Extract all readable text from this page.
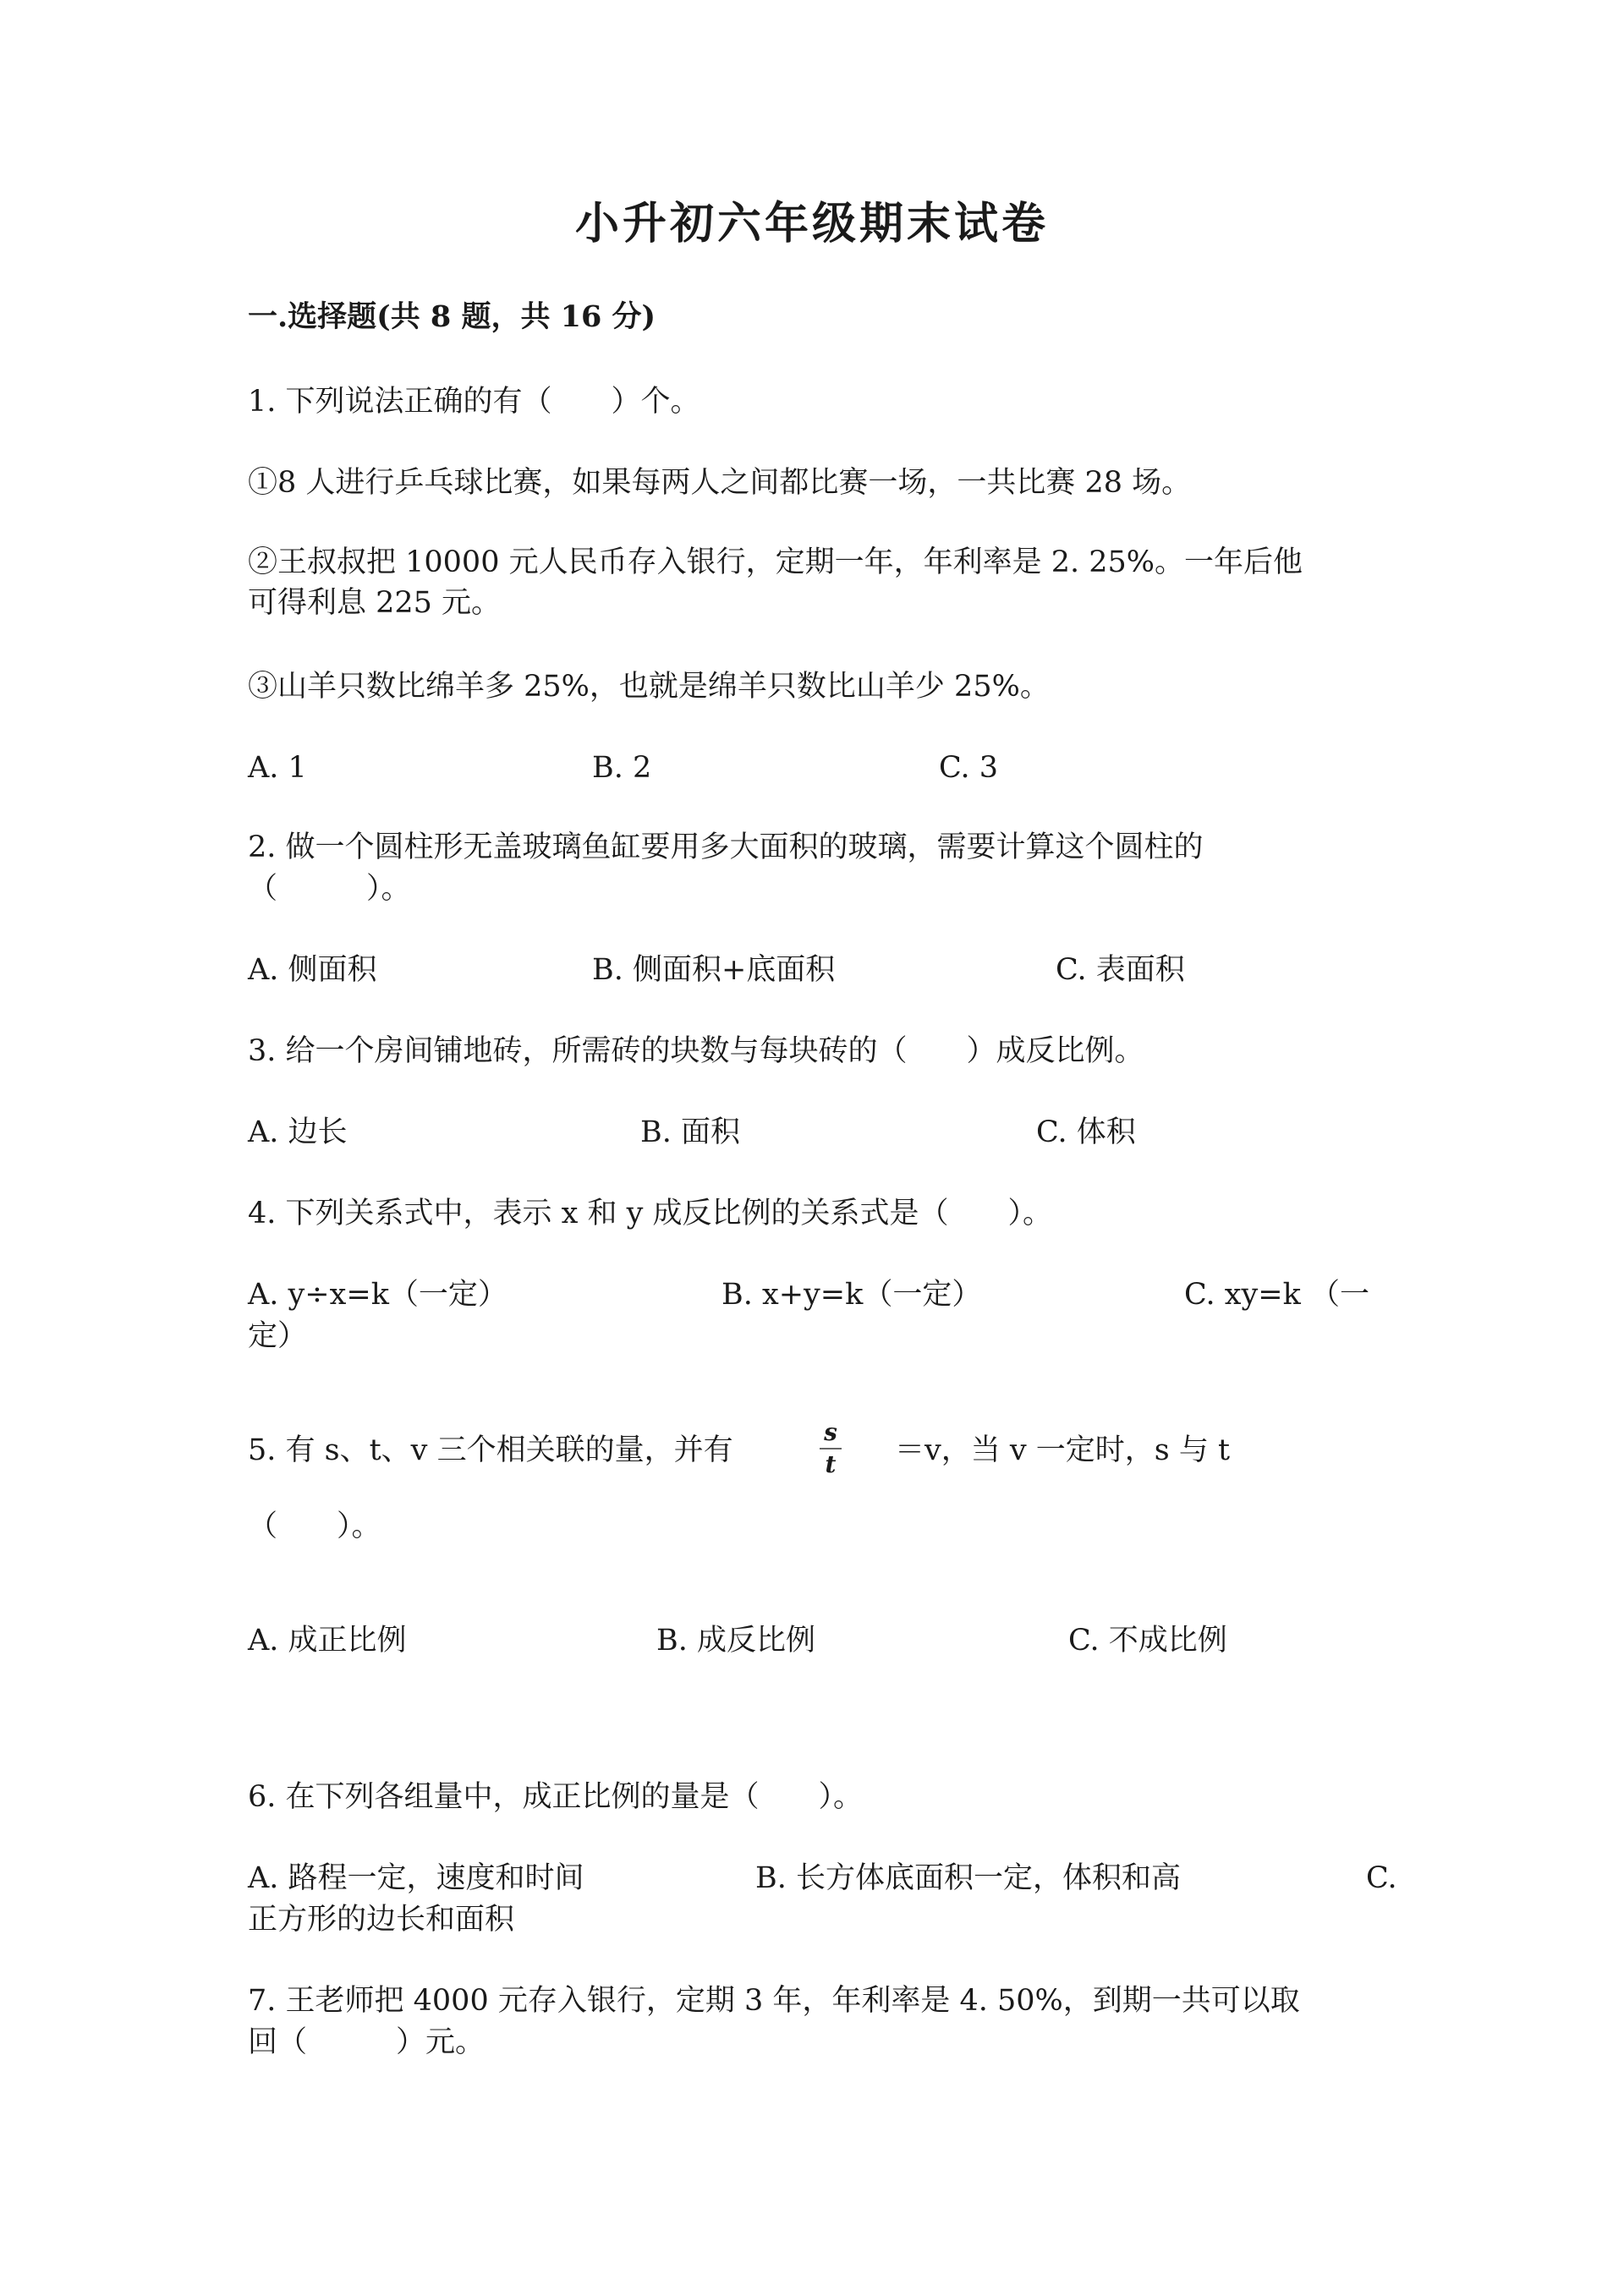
小升初六年级期末试卷
一.选择题(共 8 题，共 16 分)
1. 下列说法正确的有（　　）个。
①8 人进行乒乓球比赛，如果每两人之间都比赛一场，一共比赛 28 场。
②王叔叔把 10000 元人民币存入银行，定期一年，年利率是 2. 25%。一年后他
可得利息 225 元。
③山羊只数比绵羊多 25%，也就是绵羊只数比山羊少 25%。
A. 1	B. 2	C. 3
2. 做一个圆柱形无盖玻璃鱼缸要用多大面积的玻璃，需要计算这个圆柱的
（　　　）。
A. 侧面积	B. 侧面积+底面积	C. 表面积
3. 给一个房间铺地砖，所需砖的块数与每块砖的（　　）成反比例。
A. 边长	B. 面积	C. 体积
4. 下列关系式中，表示 x 和 y 成反比例的关系式是（　　）。
A. y÷x=k（一定）	B. x+y=k（一定）	C. xy=k （一
定）
5. 有 s、t、v 三个相关联的量，并有
s
t	＝v，当 v 一定时，s 与 t
（　　）。
A. 成正比例	B. 成反比例	C. 不成比例
6. 在下列各组量中，成正比例的量是（　　）。
A. 路程一定，速度和时间	B. 长方体底面积一定，体积和高	C.
正方形的边长和面积
7. 王老师把 4000 元存入银行，定期 3 年，年利率是 4. 50%，到期一共可以取
回（　　　）元。
